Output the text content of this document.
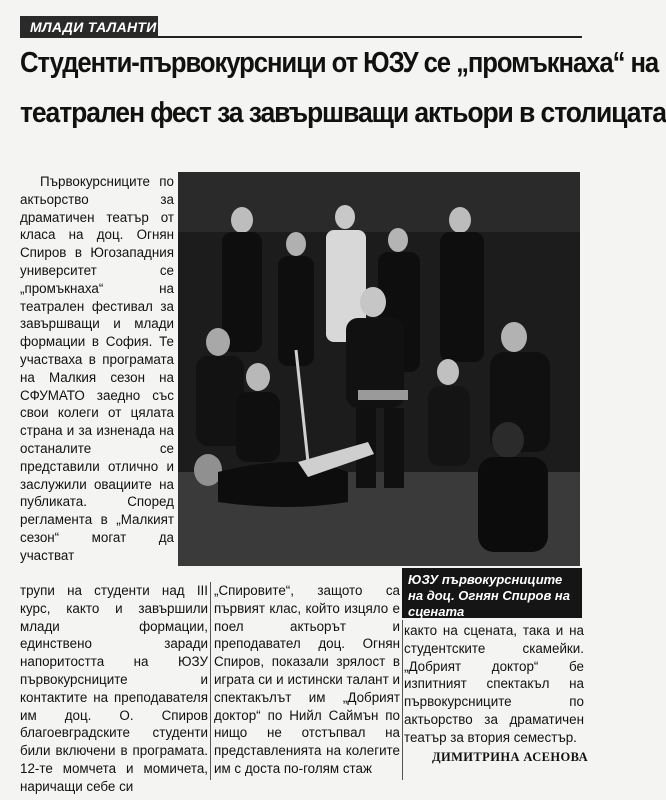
МЛАДИ ТАЛАНТИ
Студенти-първокурсници от ЮЗУ се „промъкнаха“ на
театрален фест за завършващи актьори в столицата

Първокурсниците по актьорство за драматичен театър от класа на доц. Огнян Спиров в Югозападния университет се „промъкнаха“ на театрален фестивал за завършващи и млади формации в София. Те участваха в програмата на Малкия сезон на СФУМАТО заедно със свои колеги от цялата страна и за изненада на останалите се представили отлично и заслужили овациите на публиката. Според регламента в „Малкият сезон“ могат да участват

ЮЗУ първокурсниците на доц. Огнян Спиров на сцената

трупи на студенти над III курс, както и завършили млади формации, единствено заради напоритостта на ЮЗУ първокурсниците и контактите на преподавателя им доц. О. Спиров благоевградските студенти били включени в програмата. 12-те момчета и момичета, наричащи себе си

„Спировите“, защото са първият клас, който изцяло е поел актьорът и преподавател доц. Огнян Спиров, показали зрялост в играта си и истински талант и спектакълът им „Добрият доктор“ по Нийл Саймън по нищо не отстъпвал на представленията на колегите им с доста по-голям стаж

както на сцената, така и на студентските скамейки. „Добрият доктор“ бе изпитният спектакъл на първокурсниците по актьорство за драматичен театър за втория семестър.

ДИМИТРИНА АСЕНОВА
